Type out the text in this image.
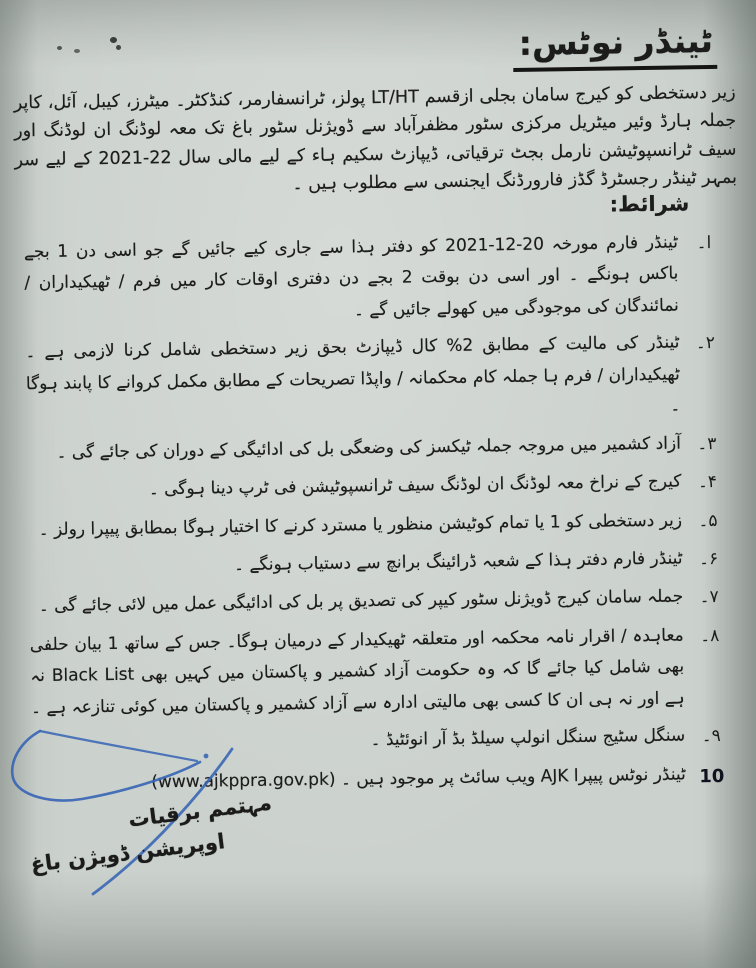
ٹینڈر نوٹس:

زیر دستخطی کو کیرج سامان بجلی ازقسم LT/HT پولز، ٹرانسفارمر، کنڈکٹر۔ میٹرز، کیبل، آئل، کاپر جملہ ہارڈ وئیر میٹریل مرکزی سٹور مظفرآباد سے ڈویژنل سٹور باغ تک معہ لوڈنگ ان لوڈنگ اور سیف ٹرانسپوٹیشن نارمل بجٹ ترقیاتی، ڈیپازٹ سکیم ہاء کے لیے مالی سال 22-2021 کے لیے سر بمہر ٹینڈر رجسٹرڈ گڈز فارورڈنگ ایجنسی سے مطلوب ہیں ۔

شرائط:
ا۔
ٹینڈر فارم مورخہ 20-12-2021 کو دفتر ہذا سے جاری کیے جائیں گے جو اسی دن 1 بجے باکس ہونگے ۔ اور اسی دن بوقت 2 بجے دن دفتری اوقات کار میں فرم / ٹھیکیداران / نمائندگان کی موجودگی میں کھولے جائیں گے ۔
۲۔
ٹینڈر کی مالیت کے مطابق 2% کال ڈیپازٹ بحق زیر دستخطی شامل کرنا لازمی ہے ۔ ٹھیکیداران / فرم ہا جملہ کام محکمانہ / واپڈا تصریحات کے مطابق مکمل کروانے کا پابند ہوگا ۔
۳۔
آزاد کشمیر میں مروجہ جملہ ٹیکسز کی وضعگی بل کی ادائیگی کے دوران کی جائے گی ۔
۴۔
کیرج کے نراخ معہ لوڈنگ ان لوڈنگ سیف ٹرانسپوٹیشن فی ٹرپ دینا ہوگی ۔
۵۔
زیر دستخطی کو 1 یا تمام کوٹیشن منظور یا مسترد کرنے کا اختیار ہوگا بمطابق پیپرا رولز ۔
۶۔
ٹینڈر فارم دفتر ہذا کے شعبہ ڈرائینگ برانچ سے دستیاب ہونگے ۔
۷۔
جملہ سامان کیرج ڈویژنل سٹور کیپر کی تصدیق پر بل کی ادائیگی عمل میں لائی جائے گی ۔
۸۔
معاہدہ / اقرار نامہ محکمہ اور متعلقہ ٹھیکیدار کے درمیان ہوگا۔ جس کے ساتھ 1 بیان حلفی بھی شامل کیا جائے گا کہ وہ حکومت آزاد کشمیر و پاکستان میں کہیں بھی Black List نہ ہے اور نہ ہی ان کا کسی بھی مالیتی ادارہ سے آزاد کشمیر و پاکستان میں کوئی تنازعہ ہے ۔
۹۔
سنگل سٹیج سنگل انولپ سیلڈ بڈ آر انوئٹیڈ ۔
10
ٹینڈر نوٹس پیپرا AJK ویب سائٹ پر موجود ہیں ۔ (www.ajkppra.gov.pk)
مہتمم برقیات
اوپریشن ڈویژن باغ
